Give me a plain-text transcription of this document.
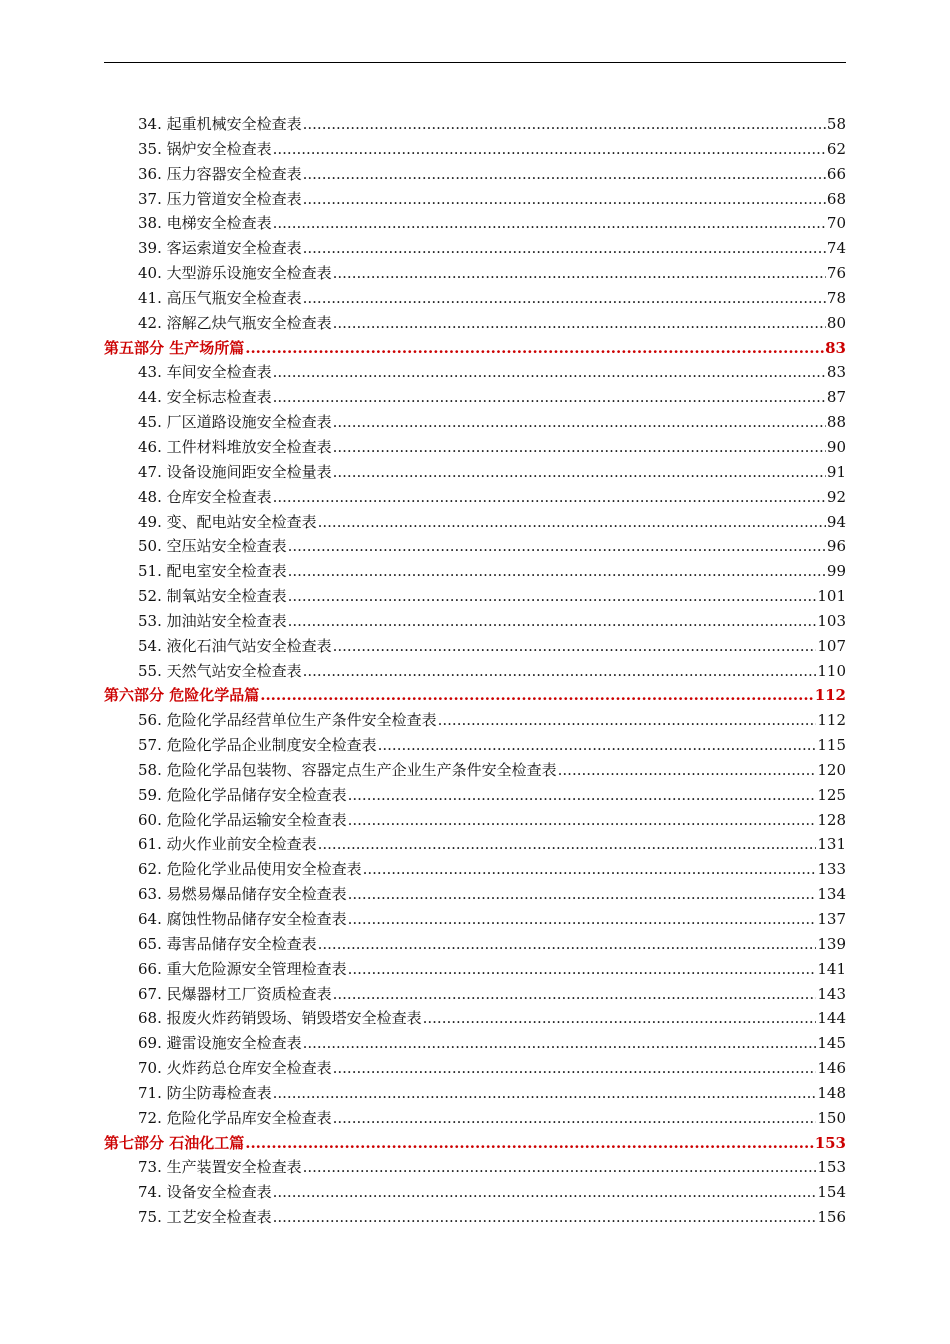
34. 起重机械安全检查表 .....	58
35. 锅炉安全检查表 .....	62
36. 压力容器安全检查表 .....	66
37. 压力管道安全检查表 .....	68
38. 电梯安全检查表 .....	70
39. 客运索道安全检查表 .....	74
40. 大型游乐设施安全检查表 .....	76
41. 高压气瓶安全检查表 .....	78
42. 溶解乙炔气瓶安全检查表 .....	80
第五部分 生产场所篇 .....	83
43. 车间安全检查表 .....	83
44. 安全标志检查表 .....	87
45. 厂区道路设施安全检查表 .....	88
46. 工件材料堆放安全检查表 .....	90
47. 设备设施间距安全检量表 .....	91
48. 仓库安全检查表 .....	92
49. 变、配电站安全检查表 .....	94
50. 空压站安全检查表 .....	96
51. 配电室安全检查表 .....	99
52. 制氧站安全检查表 .....	101
53. 加油站安全检查表 .....	103
54. 液化石油气站安全检查表 .....	107
55. 天然气站安全检查表 .....	110
第六部分 危险化学品篇 .....	112
56. 危险化学品经营单位生产条件安全检查表 .....	112
57. 危险化学品企业制度安全检查表 .....	115
58. 危险化学品包装物、容器定点生产企业生产条件安全检查表 .....	120
59. 危险化学品储存安全检查表 .....	125
60. 危险化学品运输安全检查表 .....	128
61. 动火作业前安全检查表 .....	131
62. 危险化学业品使用安全检查表 .....	133
63. 易燃易爆品储存安全检查表 .....	134
64. 腐蚀性物品储存安全检查表 .....	137
65. 毒害品储存安全检查表 .....	139
66. 重大危险源安全管理检查表 .....	141
67. 民爆器材工厂资质检查表 .....	143
68. 报废火炸药销毁场、销毁塔安全检查表 .....	144
69. 避雷设施安全检查表 .....	145
70. 火炸药总仓库安全检查表 .....	146
71. 防尘防毒检查表 .....	148
72. 危险化学品库安全检查表 .....	150
第七部分 石油化工篇 .....	153
73. 生产装置安全检查表 .....	153
74. 设备安全检查表 .....	154
75. 工艺安全检查表 .....	156
